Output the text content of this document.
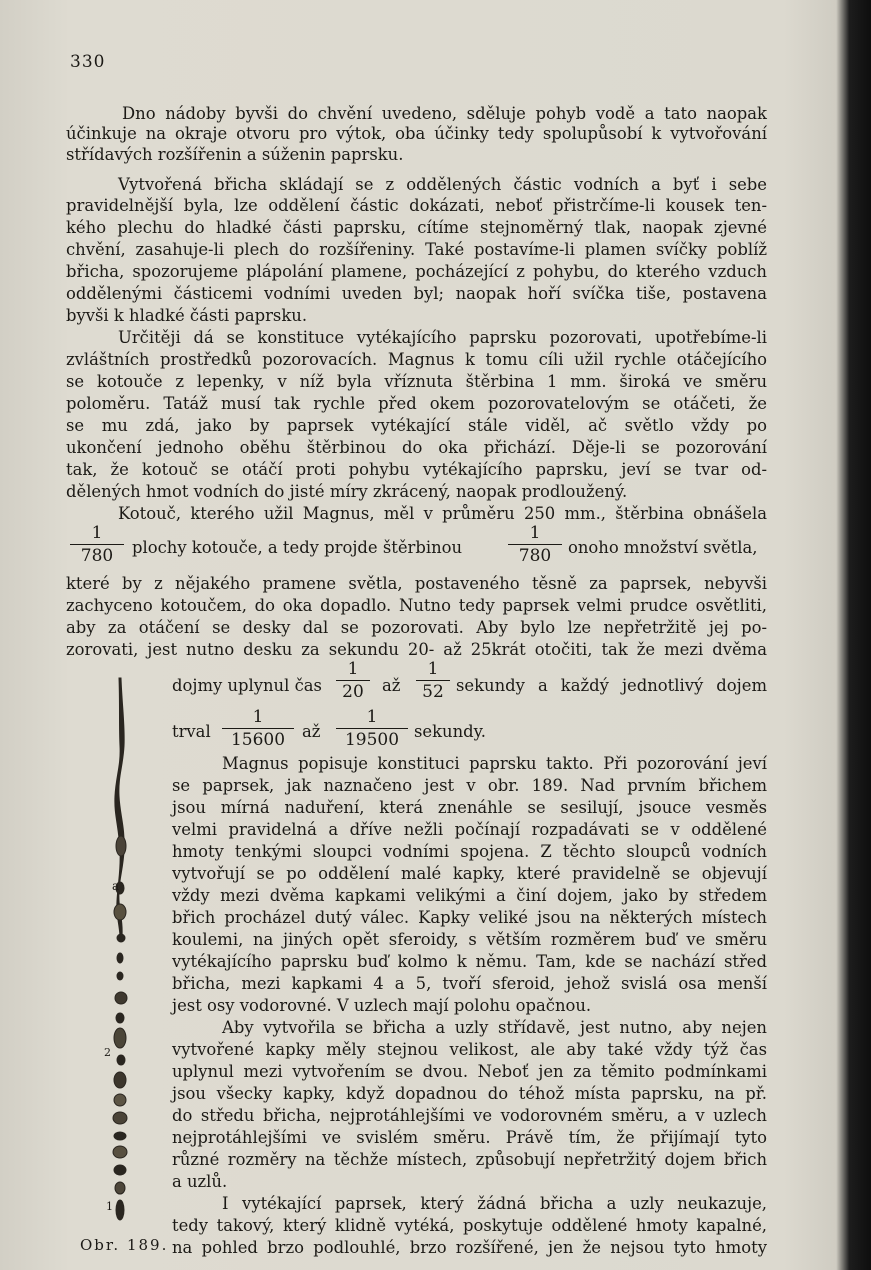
330
Dno nádoby byvši do chvění uvedeno, sděluje pohyb vodě a tato naopak
účinkuje na okraje otvoru pro výtok, oba účinky tedy spolupůsobí k vytvořování
střídavých rozšířenin a súženin paprsku.
Vytvořená břicha skládají se z oddělených částic vodních a byť i sebe
pravidelnější byla, lze oddělení částic dokázati, neboť přistrčíme-li kousek ten-
kého plechu do hladké části paprsku, cítíme stejnoměrný tlak, naopak zjevné
chvění, zasahuje-li plech do rozšířeniny. Také postavíme-li plamen svíčky poblíž
břicha, spozorujeme plápolání plamene, pocházející z pohybu, do kterého vzduch
oddělenými částicemi vodními uveden byl; naopak hoří svíčka tiše, postavena
byvši k hladké části paprsku.
Určitěji dá se konstituce vytékajícího paprsku pozorovati, upotřebíme-li
zvláštních prostředků pozorovacích. Magnus k tomu cíli užil rychle otáčejícího
se kotouče z lepenky, v níž byla vříznuta štěrbina 1 mm. široká ve směru
poloměru. Tatáž musí tak rychle před okem pozorovatelovým se otáčeti, že
se mu zdá, jako by paprsek vytékající stále viděl, ač světlo vždy po
ukončení jednoho oběhu štěrbinou do oka přichází. Děje-li se pozorování
tak, že kotouč se otáčí proti pohybu vytékajícího paprsku, jeví se tvar od-
dělených hmot vodních do jisté míry zkrácený, naopak prodloužený.
Kotouč, kterého užil Magnus, měl v průměru 250 mm., štěrbina obnášela
1
780	plochy kotouče, a tedy projde štěrbinou
1
780	onoho množství světla,
které by z nějakého pramene světla, postaveného těsně za paprsek, nebyvši
zachyceno kotoučem, do oka dopadlo. Nutno tedy paprsek velmi prudce osvětliti,
aby za otáčení se desky dal se pozorovati. Aby bylo lze nepřetržitě jej po-
zorovati, jest nutno desku za sekundu 20- až 25krát otočiti, tak že mezi dvěma
dojmy uplynul čas
1
20	až
1
52 sekundy a každý jednotlivý dojem
trval
1
15600	až
1
19500 sekundy.
Magnus popisuje konstituci paprsku takto. Při pozorování jeví
se paprsek, jak naznačeno jest v obr. 189. Nad prvním břichem
jsou mírná naduření, která znenáhle se sesilují, jsouce vesměs
velmi pravidelná a dříve nežli počínají rozpadávati se v oddělené
hmoty tenkými sloupci vodními spojena. Z těchto sloupců vodních
vytvořují se po oddělení malé kapky, které pravidelně se objevují
vždy mezi dvěma kapkami velikými a činí dojem, jako by středem
břich procházel dutý válec. Kapky veliké jsou na některých místech
koulemi, na jiných opět sferoidy, s větším rozměrem buď ve směru
vytékajícího paprsku buď kolmo k němu. Tam, kde se nachází střed
břicha, mezi kapkami 4 a 5, tvoří sferoid, jehož svislá osa menší
jest osy vodorovné. V uzlech mají polohu opačnou.
Aby vytvořila se břicha a uzly střídavě, jest nutno, aby nejen
vytvořené kapky měly stejnou velikost, ale aby také vždy týž čas
uplynul mezi vytvořením se dvou. Neboť jen za těmito podmínkami
jsou všecky kapky, když dopadnou do téhož místa paprsku, na př.
do středu břicha, nejprotáhlejšími ve vodorovném směru, a v uzlech
nejprotáhlejšími ve svislém směru. Právě tím, že přijímají tyto
různé rozměry na těchže místech, způsobují nepřetržitý dojem břich
a uzlů.
I vytékající paprsek, který žádná břicha a uzly neukazuje,
tedy takový, který klidně vytéká, poskytuje oddělené hmoty kapalné,
na pohled brzo podlouhlé, brzo rozšířené, jen že nejsou tyto hmoty
a
2
1
Obr. 189.
